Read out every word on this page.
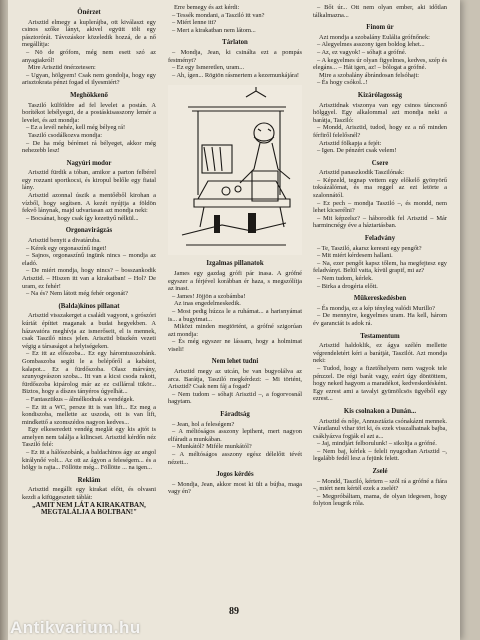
Önérzet

Arisztid elmegy a kuplerájba, ott kiválaszt egy csinos szőke lányt, akivel együtt tölt egy pásztorórát. Távozáskor közeledik hozzá, de a nő megállítja:

– Nö de grófom, még nem esett szó az anyagiakról!

Mire Arisztid önérzetesen:

– Ugyan, hölgyem! Csak nem gondolja, hogy egy arisztokrata pénzt fogad el ilyesmiért?

Meghökkenő

Tasziló külföldre ad fel levelet a postán. A borítékot lebélyegzi, de a postáskisasszony lemér a levelet, és azt mondja:

– Ez a levél nehéz, kell még bélyeg rá!

Tasziló csodálkozva mondja:

– De ha még bérémet rá bélyeget, akkor még nehezebb lesz!

Nagyúri modor

Arisztid fürdik a tóban, amikor a parton felbérel egy rozzant sportkocsi, és kiropul belőle egy fiatal lány.

Arisztid azonnal úszik a mentőéből kirohan a vízből, hogy segítsen. A kezét nyújtja a földön fekvő lánynak, majd udvariasan azt mondja neki:

– Bocsánat, hogy csak így kezettyű nélkül...

Orgonavirágzás

Arisztid benyit a divatáruba.

– Kérek egy orgonaszínű inget!

– Sajnos, orgonaszínű ingünk nincs – mondja az eladó.

– De miért mondja, hogy nincs? – bosszankodik Arisztid. – Hiszen itt van a kirakatban! – Hol? De uram, ez fehér!

– Na és? Nem látott még fehér orgonát?

(Balda)kínos pillanat

Arisztid visszakerget a családi vagyont, s grószóri kúriát építtet maganak a budai hegyekben. A házavatóra meghívja az ismerőseit, el is mennek, csak Tasziló nincs jelen. Arisztid büszkén vezeti végig a társaságot a helyiségeken.

– Ez itt az előszoba... Ez egy háromtusszobánk. Gombaszoba segíti le a belépőről a kabátot, kalapot... Ez a fürdőszoba. Olasz márvány, szunyogvászon szoba... Itt van a kicsi csoda rakott, fürdőszoba kipárolog már az ez csillárral tükör... Biztos, hogy a díszes tányéros úgyelhát...

– Fantasztikus – álmélkodnak a vendégek.

– Ez itt a WC, persze itt is van lift... Ez meg a kondiszoba, mellette az uszoda, ott is van lift, mindkettő a szomszédos nagyon kedves...

Egy elkeseredett vendég meglát egy kis ajtót is amelyen nem találja a kilincset. Arisztid kérdőn néz Tasziló felé:

– Ez itt a hálószobánk, a baldachinos ágy az angol királynőé volt... Az ott az ágyon a feleségem... és a hölgy is rajta... Föllötte még... Föllötte ... na igen...

Reklám

Arisztid megállt egy kirakat előtt, és olvasni kezdi a kifüggesztett táblát:

„AMIT NEM LÁT A KIRAKATBAN, MEGTALÁLJA A BOLTBAN!"

Erre bemegy és azt kérdi:

– Tessék mondani, a Tasziló itt van?

– Miért lenne itt?

– Mert a kirakatban nem látom...

Tárlaton

– Mondja, Jean, ki csinálta ezt a pompás festményt?

– Ez egy Ismeretlen, uram...

– Ah, ígen... Rögtön rásmertem a kezemunkájára!

Izgalmas pillanatok

James egy gazdag grófi pár inasa. A grófné egyszer a férjével korábban ér haza, s megszólítja az inast.

– James! Jöjjön a szobámba!

Az inas engedelmeskedik.

– Most pedig húzza le a ruhámat... a harisnyámat is... a bugyimat...

Miközt minden megtörtént, a grófné szigorúan azt mondja:

– És még egyszer ne lássam, hogy a holmimat viseli!

Nem lehet tudni

Arisztid megy az utcán, be van bugyolálva az arca. Barátja, Tasziló megkérdezi: – Mi történt, Arisztid? Csak nem fáj a fogad?

– Nem tudom – sóhajt Arisztid –, a fogorvosnál hagytam.

Fáradtság

– Jean, hol a feleségem?

– A méltóságos asszony lepihent, mert nagyon elfáradt a munkában.

– Munkától? Miféle munkától?

– A méltóságos asszony egész délelőtt tévét nézett...

Jogos kérdés

– Mondja, Jean, akkor most ki ült a bújba, maga vagy én?

– Bőt úr... Ott nem olyan ember, aki időtlan tálkalmazna...

Finom úr

Azt mondja a szobalány Eulália grófnőnek:

– Alegyelmes asszony igen boldog lehet...

– Az, ez vagyok! – sóhajt a grófné.

– A kegyelmes úr olyan figyelmes, kedves, szép és elegáns... – Hát igen, az! – bólogat a grófné.

Mire a szobalány ábrándosan felsóhajt:

– És hogy csókol...!

Kizárólagosság

Arisztidnak viszonya van egy csinos táncosnő hölggyel. Egy alkalommal azt mondja neki a barátja, Tasziló:

– Mondd, Arisztid, tudod, hogy ez a nő minden férfiről felelősnél?

Arisztid fölkapja a fejét:

– Igen. De pénzért csak velem!

Csere

Arisztid panaszkodik Taszilónak:

– Képzeld, tegnap vettem egy előkelő gyönyörű toksázálómat, és ma reggel az ezt letörte a szalonnától.

– Ez pech – mondja Tasziló –, és mondd, nem lehet kicserélni?

– Mit képzelsz? – háborodik fel Arisztid – Már harmincnégy éve a háztartásban.

Feladvány

– Te, Tasziló, akarsz keresni egy pengőt?

– Mit miért kérdesem hallani.

– Na, ezer pengőt kapsz tőlem, ha megfejtesz egy feladványt. Belül vatta, kívül grapif, mi az?

– Nem tudom, kérlek.

– Birka a drogéria előtt.

Műkereskedésben

– És mondja, ez a kép tényleg valódi Murillo?

– De mennyire, kegyelmes uram. Ha kell, három év garanciát is adok rá.

Testamentum

Arisztid haldoklik, ez ágya szélén mellette végrendeletért kéri a barátját, Taszilót. Azt mondja neki:

– Tudod, hogy a fizetőhelyem nem vagyok tele pénzzel. De régi barát vagy, ezért úgy döntöttem, hogy neked hagyom a maradékot, kedveskedésként. Egy ezrest ami a tavalyi gyümölcsös ügyéből egy ezrest...

Kis csolnakon a Dunán...

Arisztid és nője, Annusztázia csónakázni mennek. Váratlanul vihar tört ki, és ezek visszalhatnak bajba, csáklyázva fogják el azt a...

– Jaj, mindjárt felborulunk! – sikoltja a grófné.

– Nem baj, kérlek – feleli nyugodtan Arisztid –, legalább fedél lesz a fejünk felett.

Zselé

– Mondd, Tasziló, kértem – szól rá a grófné a fiára –, miért nem kértél ezek a zselét?

– Megpróbáltam, mama, de olyan idegesen, hogy folyton leugrik róla.

89
Antikvarium.hu
